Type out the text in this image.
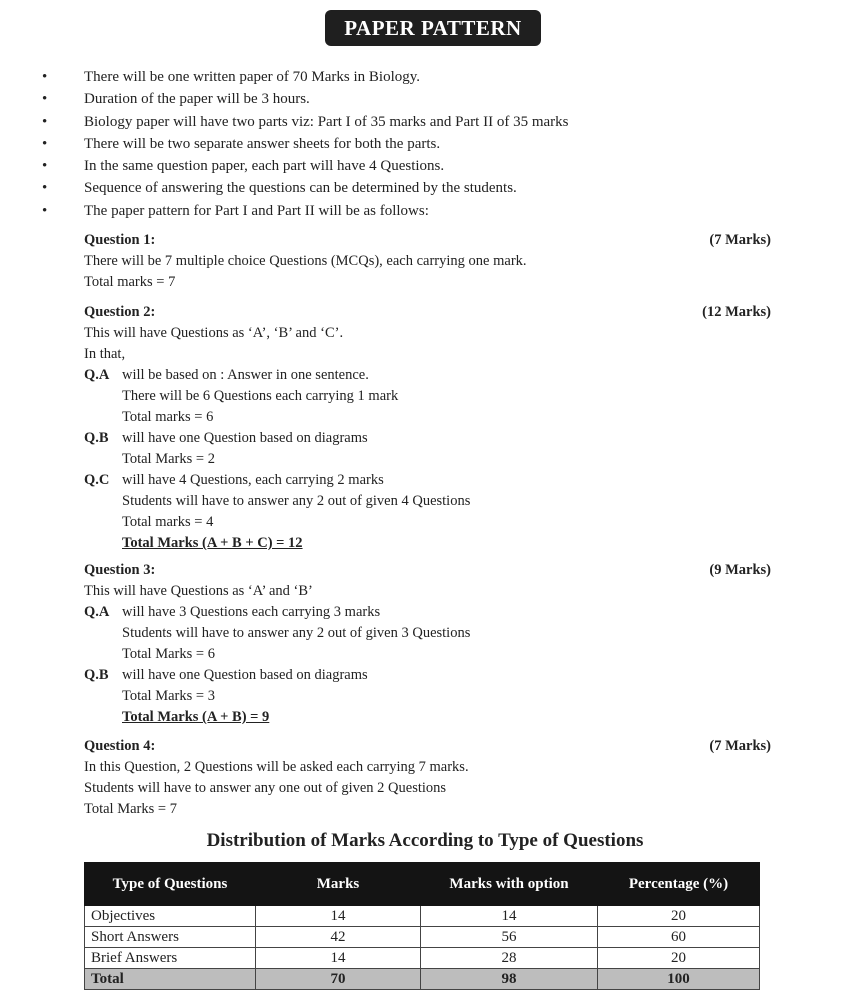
PAPER PATTERN
• There will be one written paper of 70 Marks in Biology.
• Duration of the paper will be 3 hours.
• Biology paper will have two parts viz: Part I of 35 marks and Part II of 35 marks
• There will be two separate answer sheets for both the parts.
• In the same question paper, each part will have 4 Questions.
• Sequence of answering the questions can be determined by the students.
• The paper pattern for Part I and Part II will be as follows:
Question 1:	(7 Marks)
There will be 7 multiple choice Questions (MCQs), each carrying one mark.
Total marks = 7
Question 2:	(12 Marks)
This will have Questions as ‘A’, ‘B’ and ‘C’.
In that,
Q.A will be based on : Answer in one sentence.
There will be 6 Questions each carrying 1 mark
Total marks = 6
Q.B will have one Question based on diagrams
Total Marks = 2
Q.C will have 4 Questions, each carrying 2 marks
Students will have to answer any 2 out of given 4 Questions
Total marks = 4
Total Marks (A + B + C) = 12
Question 3:	(9 Marks)
This will have Questions as ‘A’ and ‘B’
Q.A will have 3 Questions each carrying 3 marks
Students will have to answer any 2 out of given 3 Questions
Total Marks = 6
Q.B will have one Question based on diagrams
Total Marks = 3
Total Marks (A + B) = 9
Question 4:	(7 Marks)
In this Question, 2 Questions will be asked each carrying 7 marks.
Students will have to answer any one out of given 2 Questions
Total Marks = 7
Distribution of Marks According to Type of Questions
Type of Questions	Marks	Marks with option	Percentage (%)
Objectives	14	14	20
Short Answers	42	56	60
Brief Answers	14	28	20
Total	70	98	100
